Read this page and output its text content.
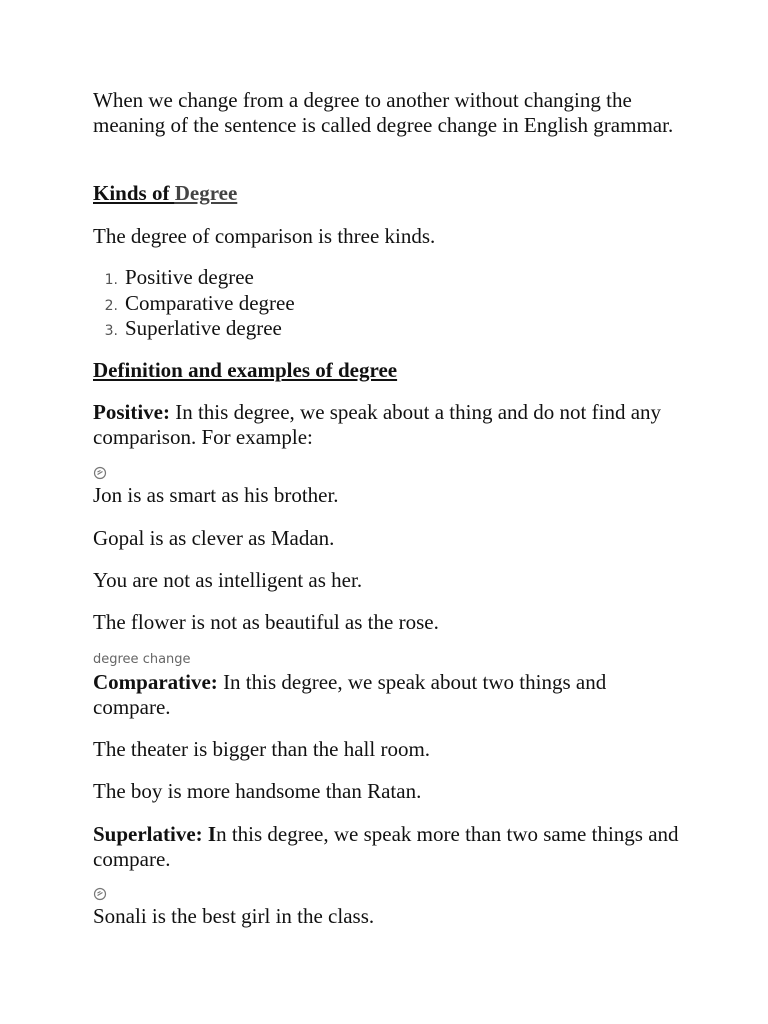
When we change from a degree to another without changing the meaning of the sentence is called degree change in English grammar.

Kinds of Degree

The degree of comparison is three kinds.

1. Positive degree
2. Comparative degree
3. Superlative degree

Definition and examples of degree

Positive: In this degree, we speak about a thing and do not find any comparison. For example:

Jon is as smart as his brother.

Gopal is as clever as Madan.

You are not as intelligent as her.

The flower is not as beautiful as the rose.

degree change

Comparative: In this degree, we speak about two things and compare.

The theater is bigger than the hall room.

The boy is more handsome than Ratan.

Superlative: In this degree, we speak more than two same things and compare.

Sonali is the best girl in the class.
